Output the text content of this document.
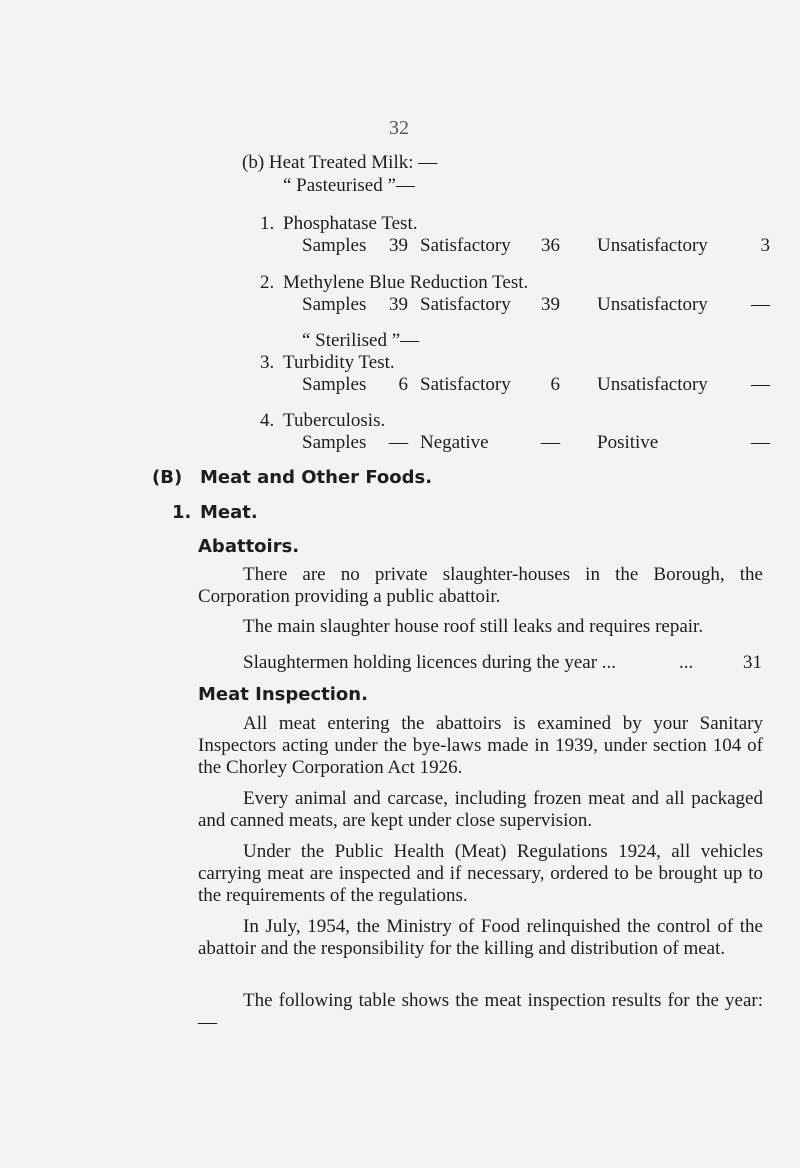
32
(b) Heat Treated Milk: —
“ Pasteurised ”—
1. Phosphatase Test.
Samples	39 Satisfactory	36 Unsatisfactory	3
2. Methylene Blue Reduction Test.
Samples	39 Satisfactory	39 Unsatisfactory	—
“ Sterilised ”—
3. Turbidity Test.
Samples	6 Satisfactory	6 Unsatisfactory	—
4. Tuberculosis.
Samples	— Negative	— Positive	—
(B) Meat and Other Foods.
1. Meat.
Abattoirs.

There are no private slaughter-houses in the Borough, the Corporation providing a public abattoir.

The main slaughter house roof still leaks and requires repair.

Slaughtermen holding licences during the year ...	...	31
Meat Inspection.

All meat entering the abattoirs is examined by your Sanitary Inspectors acting under the bye-laws made in 1939, under section 104 of the Chorley Corporation Act 1926.

Every animal and carcase, including frozen meat and all packaged and canned meats, are kept under close supervision.

Under the Public Health (Meat) Regulations 1924, all vehicles carrying meat are inspected and if necessary, ordered to be brought up to the requirements of the regulations.

In July, 1954, the Ministry of Food relinquished the control of the abattoir and the responsibility for the killing and distribution of meat.

The following table shows the meat inspection results for the year: —
